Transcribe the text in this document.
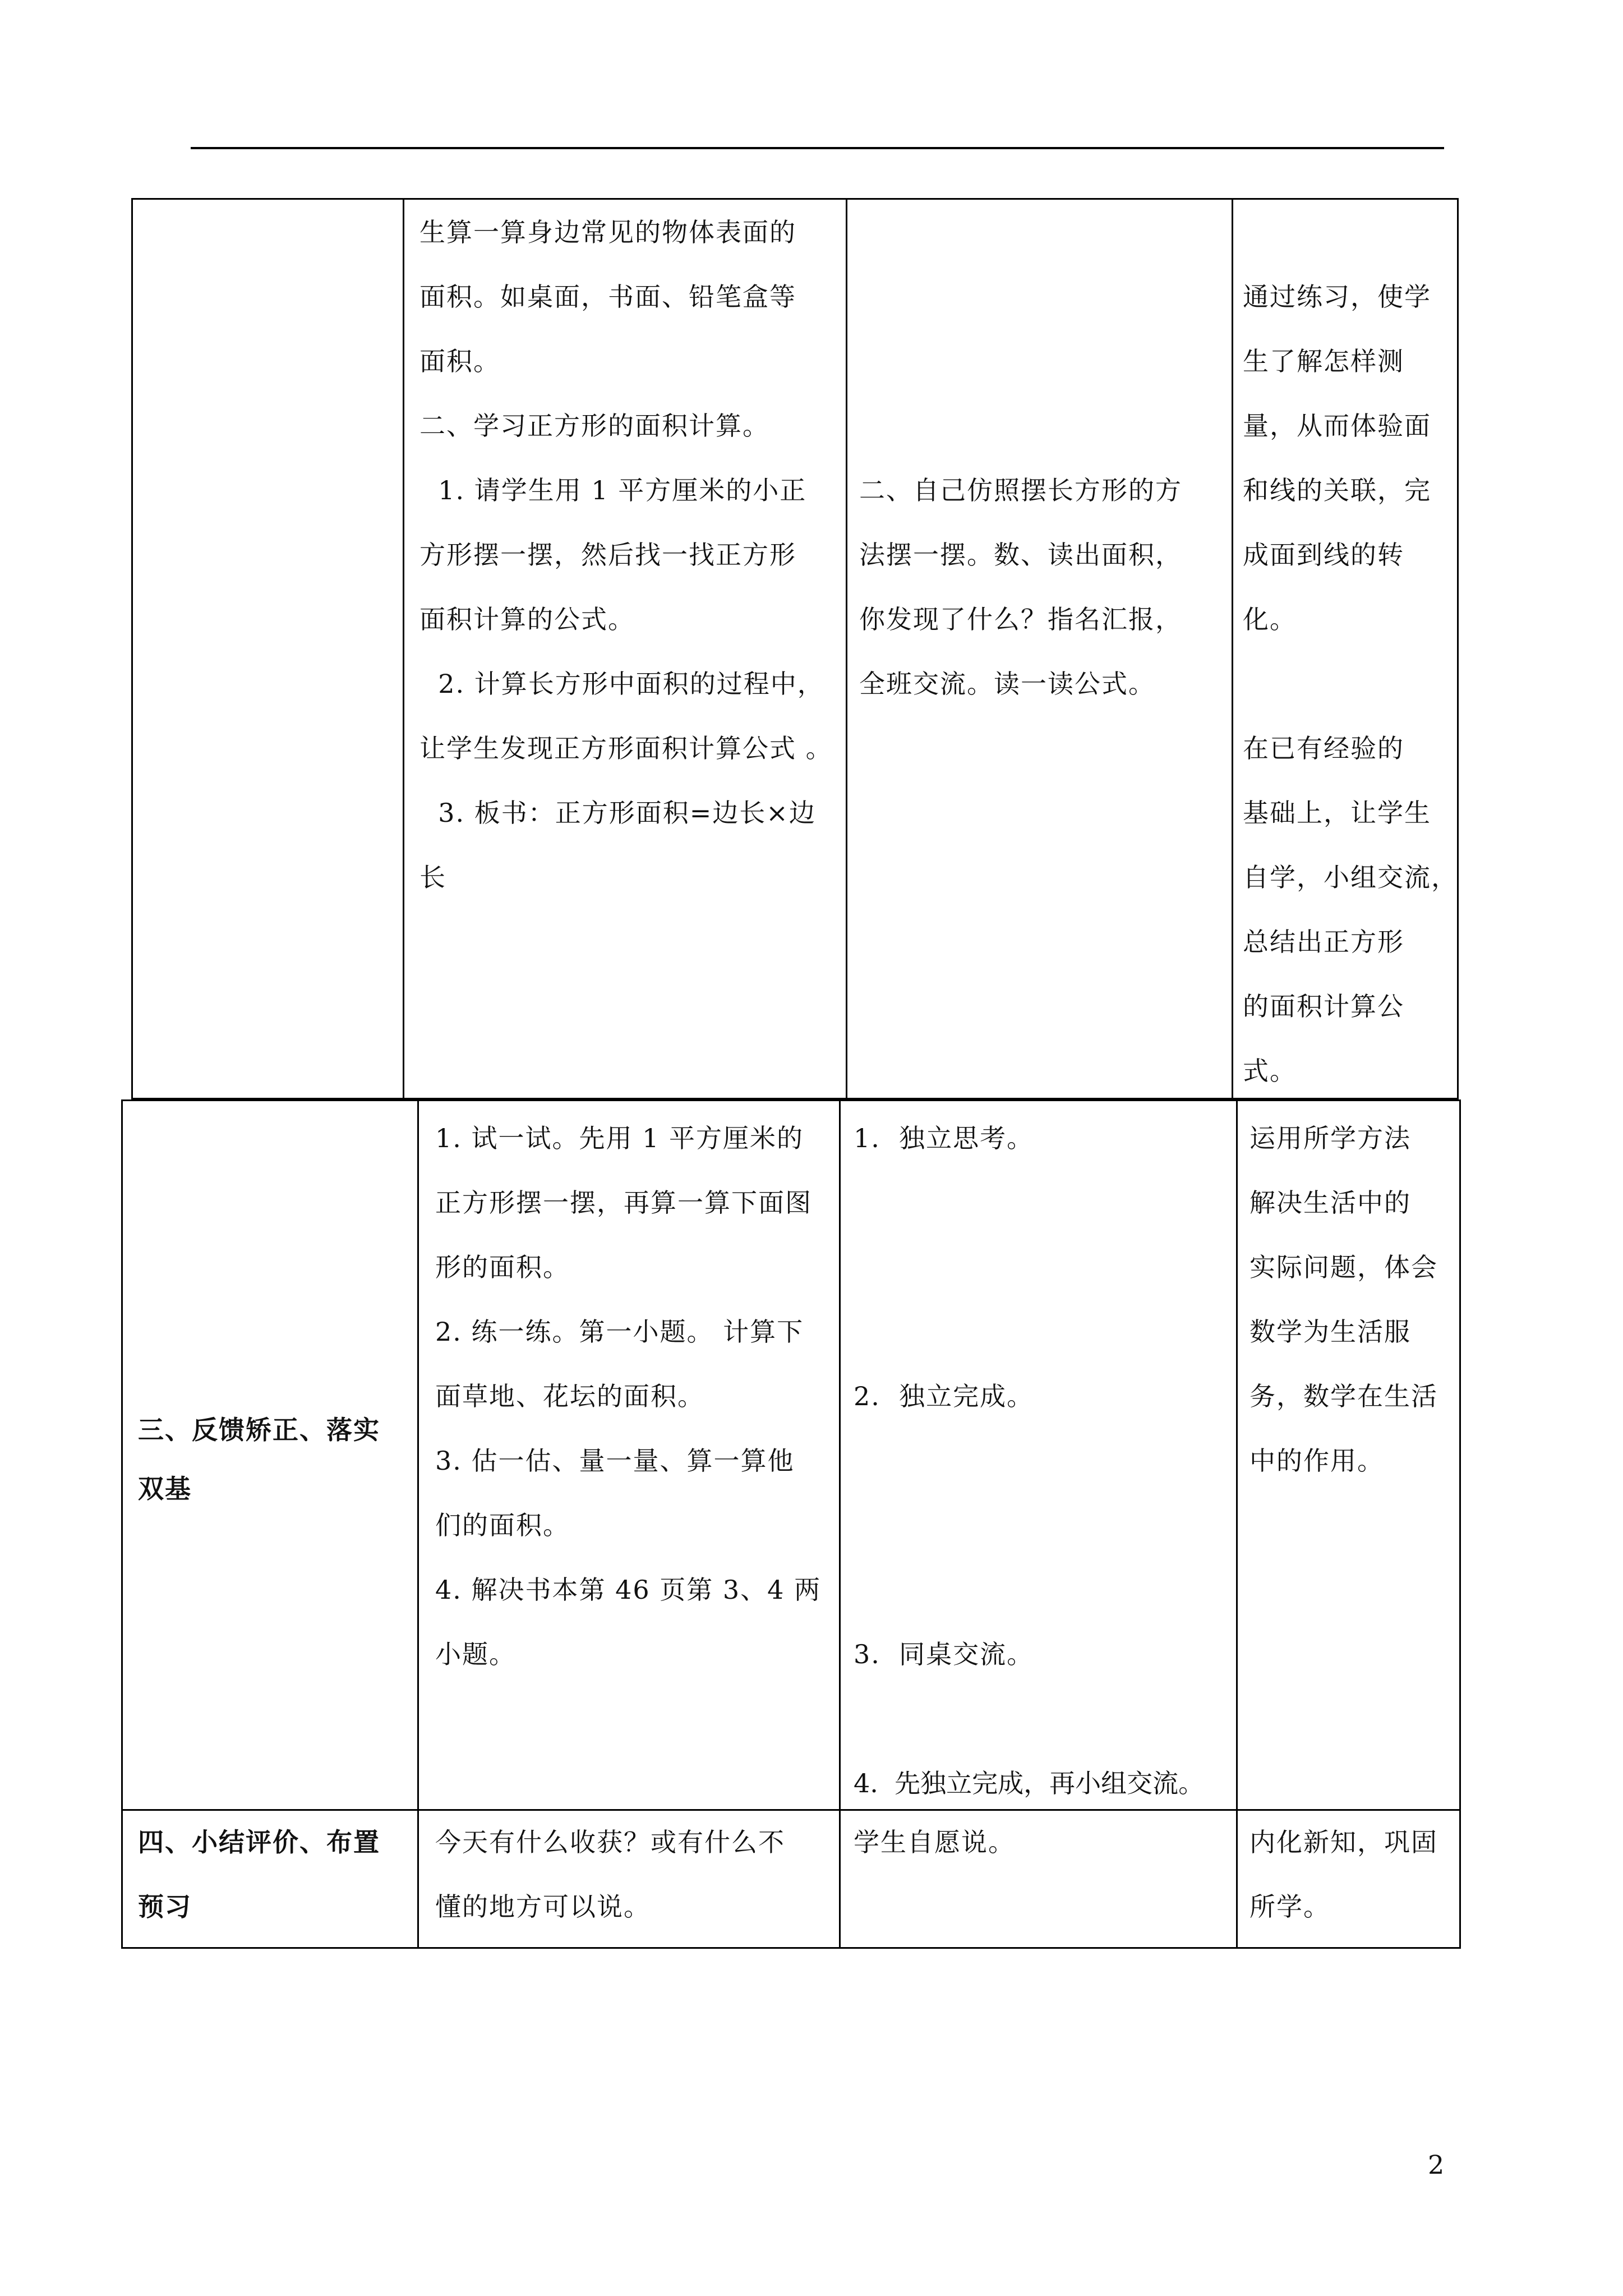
生算一算身边常见的物体表面的
面积。如桌面，书面、铅笔盒等
面积。
二、学习正方形的面积计算。
1. 请学生用 1 平方厘米的小正
方形摆一摆，然后找一找正方形
面积计算的公式。
2. 计算长方形中面积的过程中，
让学生发现正方形面积计算公式 。
3. 板书：正方形面积=边长×边
长
二、自己仿照摆长方形的方
法摆一摆。数、读出面积，
你发现了什么？指名汇报，
全班交流。读一读公式。
通过练习，使学
生了解怎样测
量，从而体验面
和线的关联，完
成面到线的转
化。
在已有经验的
基础上，让学生
自学，小组交流，
总结出正方形
的面积计算公
式。
三、反馈矫正、落实
双基
1. 试一试。先用 1 平方厘米的
正方形摆一摆，再算一算下面图
形的面积。
2. 练一练。第一小题。 计算下
面草地、花坛的面积。
3. 估一估、量一量、算一算他
们的面积。
4. 解决书本第 46 页第 3、4 两
小题。
1.  独立思考。
2.  独立完成。
3.  同桌交流。
4.  先独立完成，再小组交流。
运用所学方法
解决生活中的
实际问题，体会
数学为生活服
务，数学在生活
中的作用。
四、小结评价、布置
预习
今天有什么收获？或有什么不
懂的地方可以说。
学生自愿说。	内化新知，巩固
所学。
2
